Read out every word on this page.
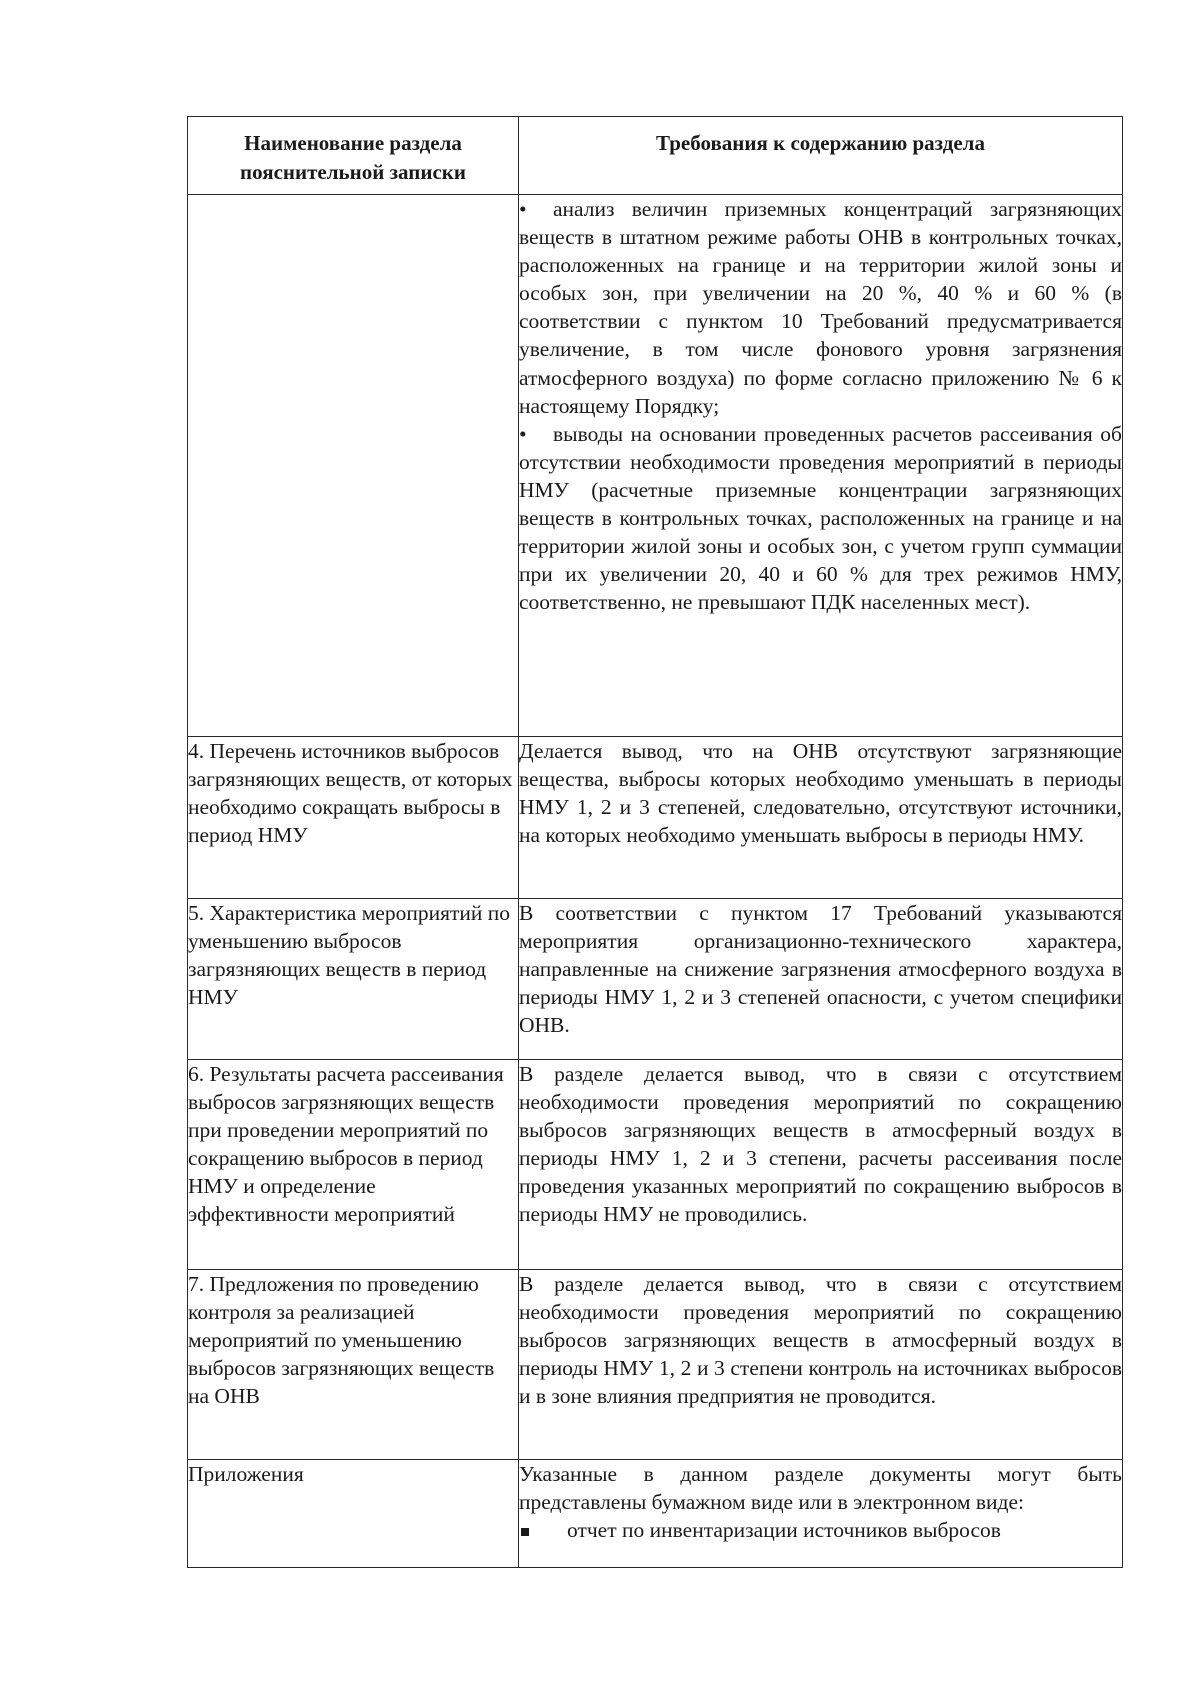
Наименование раздела пояснительной записки	Требования к содержанию раздела

	• анализ величин приземных концентраций загрязняющих веществ в штатном режиме работы ОНВ в контрольных точках, расположенных на границе и на территории жилой зоны и особых зон, при увеличении на 20 %, 40 % и 60 % (в соответствии с пунктом 10 Требований предусматривается увеличение, в том числе фонового уровня загрязнения атмосферного воздуха) по форме согласно приложению № 6 к настоящему Порядку;
• выводы на основании проведенных расчетов рассеивания об отсутствии необходимости проведения мероприятий в периоды НМУ (расчетные приземные концентрации загрязняющих веществ в контрольных точках, расположенных на границе и на территории жилой зоны и особых зон, с учетом групп суммации при их увеличении 20, 40 и 60 % для трех режимов НМУ, соответственно, не превышают ПДК населенных мест).

4. Перечень источников выбросов загрязняющих веществ, от которых необходимо сокращать выбросы в период НМУ	Делается вывод, что на ОНВ отсутствуют загрязняющие вещества, выбросы которых необходимо уменьшать в периоды НМУ 1, 2 и 3 степеней, следовательно, отсутствуют источники, на которых необходимо уменьшать выбросы в периоды НМУ.
5. Характеристика мероприятий по уменьшению выбросов загрязняющих веществ в период НМУ	В соответствии с пунктом 17 Требований указываются мероприятия организационно-технического характера, направленные на снижение загрязнения атмосферного воздуха в периоды НМУ 1, 2 и 3 степеней опасности, с учетом специфики ОНВ.
6. Результаты расчета рассеивания выбросов загрязняющих веществ при проведении мероприятий по сокращению выбросов в период НМУ и определение эффективности мероприятий	В разделе делается вывод, что в связи с отсутствием необходимости проведения мероприятий по сокращению выбросов загрязняющих веществ в атмосферный воздух в периоды НМУ 1, 2 и 3 степени, расчеты рассеивания после проведения указанных мероприятий по сокращению выбросов в периоды НМУ не проводились.
7. Предложения по проведению контроля за реализацией мероприятий по уменьшению выбросов загрязняющих веществ на ОНВ	В разделе делается вывод, что в связи с отсутствием необходимости проведения мероприятий по сокращению выбросов загрязняющих веществ в атмосферный воздух в периоды НМУ 1, 2 и 3 степени контроль на источниках выбросов и в зоне влияния предприятия не проводится.
Приложения	Указанные в данном разделе документы могут быть представлены бумажном виде или в электронном виде:

отчет по инвентаризации источников выбросов
